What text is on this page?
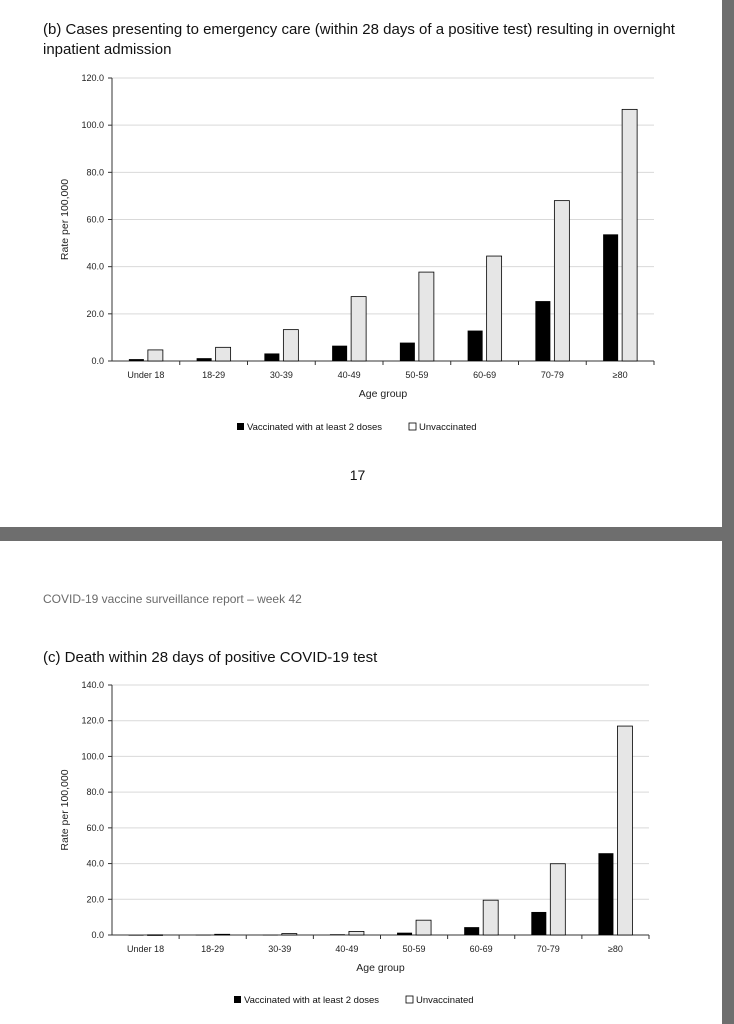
(b) Cases presenting to emergency care (within 28 days of a positive test) resulting in overnight inpatient admission
0.0
20.0
40.0
60.0
80.0
100.0
120.0
Under 18	18-29	30-39	40-49	50-59	60-69	70-79	≥80
Age group
Rate per 100,000
Vaccinated with at least 2 doses	Unvaccinated
17
COVID-19 vaccine surveillance report – week 42
(c) Death within 28 days of positive COVID-19 test
0.0
20.0
40.0
60.0
80.0
100.0
120.0
140.0
Under 18	18-29	30-39	40-49	50-59	60-69	70-79	≥80
Age group
Rate per 100,000
Vaccinated with at least 2 doses	Unvaccinated
